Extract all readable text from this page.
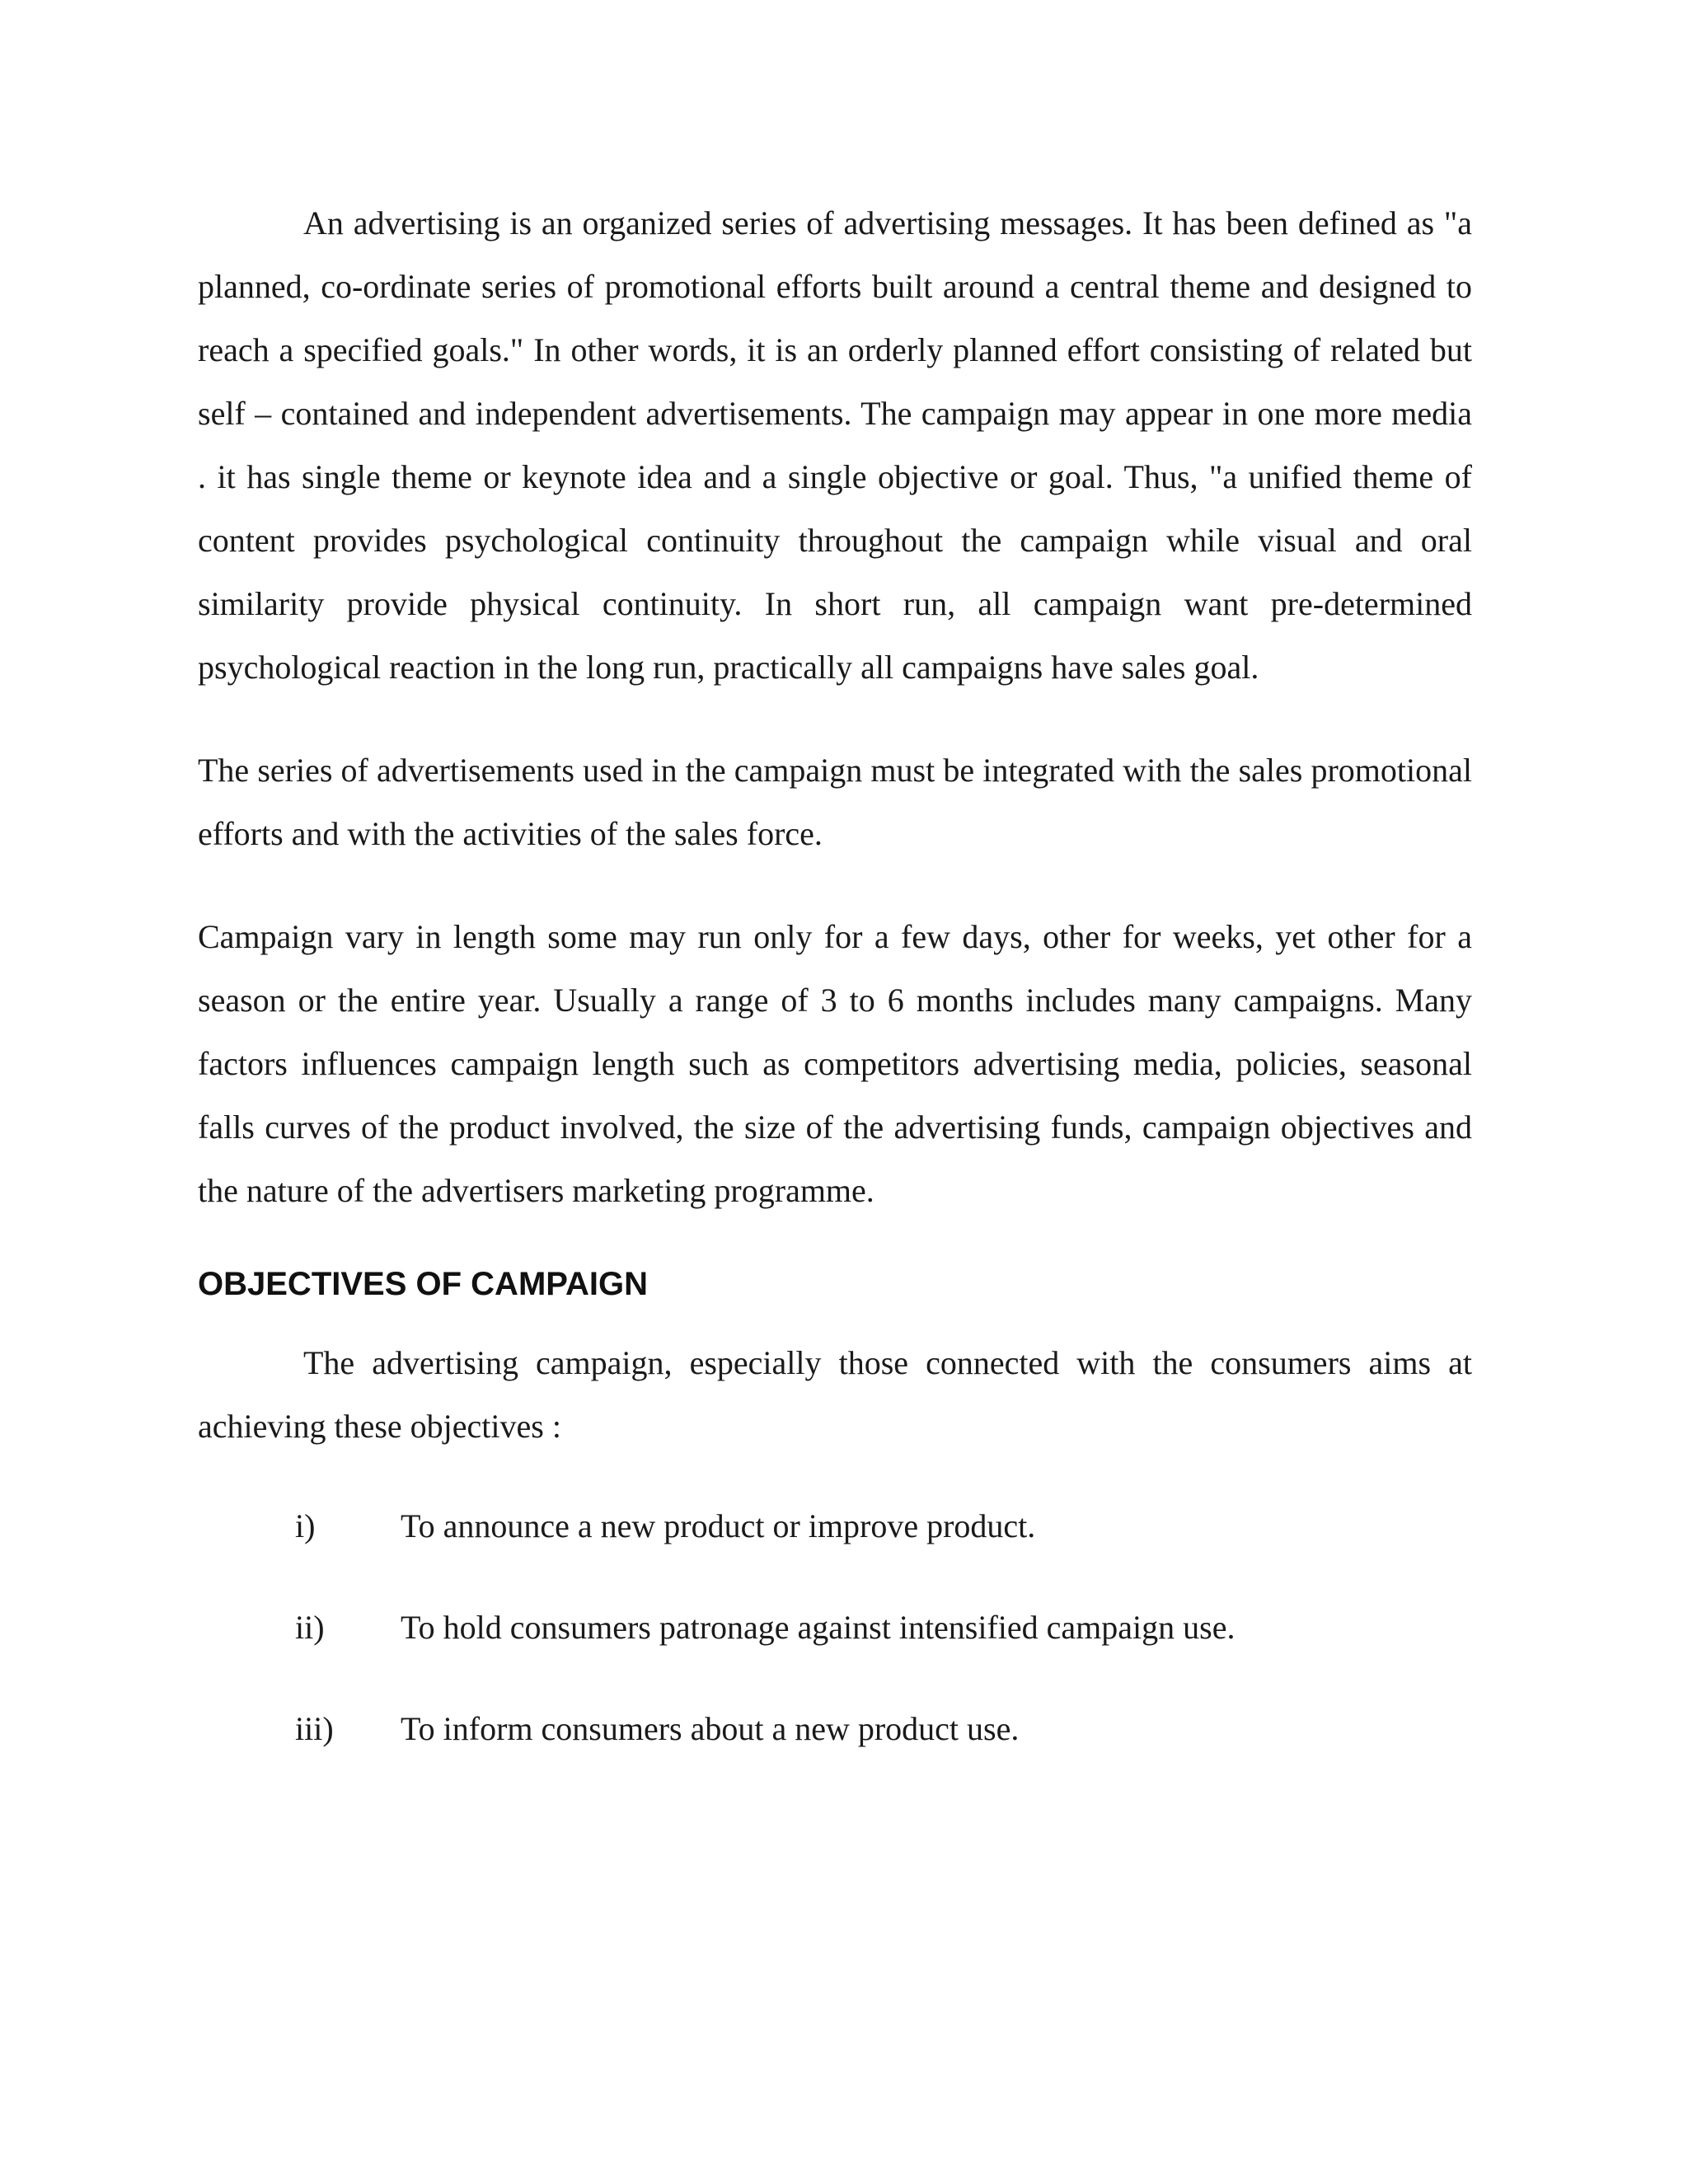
An advertising is an organized series of advertising messages. It has been defined as "a planned, co-ordinate series of promotional efforts built around a central theme and designed to reach a specified goals." In other words, it is an orderly planned effort consisting of related but self – contained and independent advertisements. The campaign may appear in one more media . it has single theme or keynote idea and a single objective or goal. Thus, "a unified theme of content provides psychological continuity throughout the campaign while visual and oral similarity provide physical continuity. In short run, all campaign want pre-determined psychological reaction in the long run, practically all campaigns have sales goal.

The series of advertisements used in the campaign must be integrated with the sales promotional efforts and with the activities of the sales force.

Campaign vary in length some may run only for a few days, other for weeks, yet other for a season or the entire year. Usually a range of 3 to 6 months includes many campaigns. Many factors influences campaign length such as competitors advertising media, policies, seasonal falls curves of the product involved, the size of the advertising funds, campaign objectives and the nature of the advertisers marketing programme.

OBJECTIVES OF CAMPAIGN

The advertising campaign, especially those connected with the consumers aims at achieving these objectives :

i)	To announce a new product or improve product.
ii)	To hold consumers patronage against intensified campaign use.
iii)	To inform consumers about a new product use.
